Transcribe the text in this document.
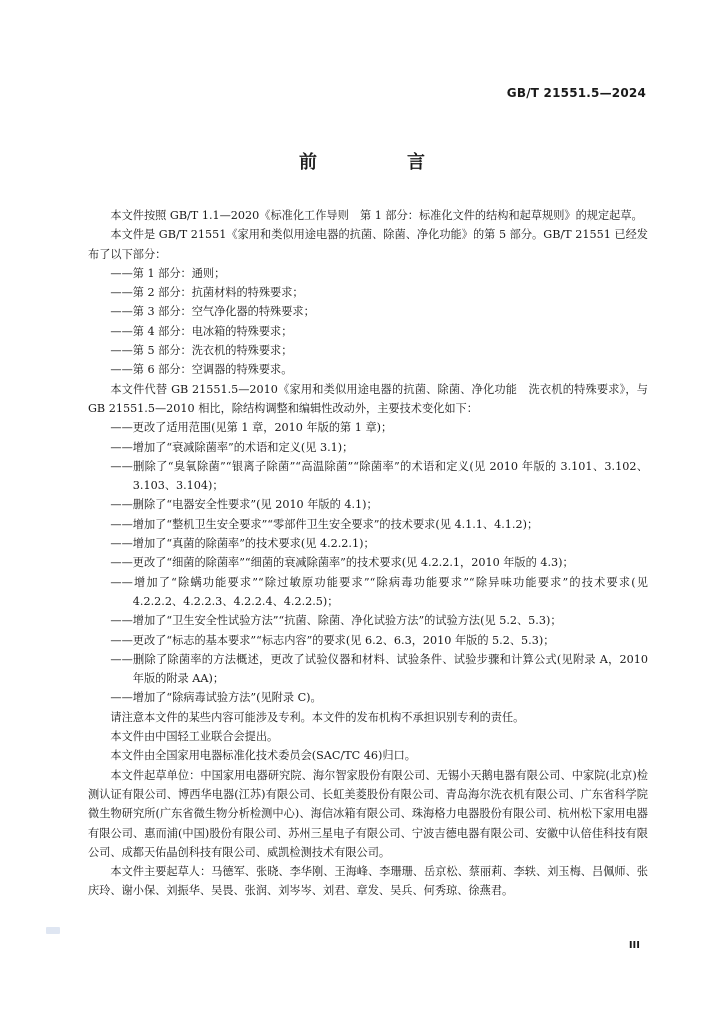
GB/T 21551.5—2024
前　言

本文件按照 GB/T 1.1—2020《标准化工作导则　第 1 部分：标准化文件的结构和起草规则》的规定起草。

本文件是 GB/T 21551《家用和类似用途电器的抗菌、除菌、净化功能》的第 5 部分。GB/T 21551 已经发布了以下部分：

——第 1 部分：通则；

——第 2 部分：抗菌材料的特殊要求；

——第 3 部分：空气净化器的特殊要求；

——第 4 部分：电冰箱的特殊要求；

——第 5 部分：洗衣机的特殊要求；

——第 6 部分：空调器的特殊要求。

本文件代替 GB 21551.5—2010《家用和类似用途电器的抗菌、除菌、净化功能　洗衣机的特殊要求》，与 GB 21551.5—2010 相比，除结构调整和编辑性改动外，主要技术变化如下：

——更改了适用范围(见第 1 章，2010 年版的第 1 章)；

——增加了“衰减除菌率”的术语和定义(见 3.1)；

——删除了“臭氧除菌”“银离子除菌”“高温除菌”“除菌率”的术语和定义(见 2010 年版的 3.101、3.102、3.103、3.104)；

——删除了“电器安全性要求”(见 2010 年版的 4.1)；

——增加了“整机卫生安全要求”“零部件卫生安全要求”的技术要求(见 4.1.1、4.1.2)；

——增加了“真菌的除菌率”的技术要求(见 4.2.2.1)；

——更改了“细菌的除菌率”“细菌的衰减除菌率”的技术要求(见 4.2.2.1，2010 年版的 4.3)；

——增加了“除螨功能要求”“除过敏原功能要求”“除病毒功能要求”“除异味功能要求”的技术要求(见 4.2.2.2、4.2.2.3、4.2.2.4、4.2.2.5)；

——增加了“卫生安全性试验方法”“抗菌、除菌、净化试验方法”的试验方法(见 5.2、5.3)；

——更改了“标志的基本要求”“标志内容”的要求(见 6.2、6.3，2010 年版的 5.2、5.3)；

——删除了除菌率的方法概述，更改了试验仪器和材料、试验条件、试验步骤和计算公式(见附录 A，2010 年版的附录 AA)；

——增加了“除病毒试验方法”(见附录 C)。

请注意本文件的某些内容可能涉及专利。本文件的发布机构不承担识别专利的责任。

本文件由中国轻工业联合会提出。

本文件由全国家用电器标准化技术委员会(SAC/TC 46)归口。

本文件起草单位：中国家用电器研究院、海尔智家股份有限公司、无锡小天鹅电器有限公司、中家院(北京)检测认证有限公司、博西华电器(江苏)有限公司、长虹美菱股份有限公司、青岛海尔洗衣机有限公司、广东省科学院微生物研究所(广东省微生物分析检测中心)、海信冰箱有限公司、珠海格力电器股份有限公司、杭州松下家用电器有限公司、惠而浦(中国)股份有限公司、苏州三星电子有限公司、宁波吉德电器有限公司、安徽中认倍佳科技有限公司、成都天佑晶创科技有限公司、威凯检测技术有限公司。

本文件主要起草人：马德军、张晓、李华刚、王海峰、李珊珊、岳京松、蔡丽莉、李轶、刘玉梅、吕佩师、张庆玲、谢小保、刘振华、吴畏、张润、刘岑岑、刘君、章发、吴兵、何秀琼、徐燕君。

III
